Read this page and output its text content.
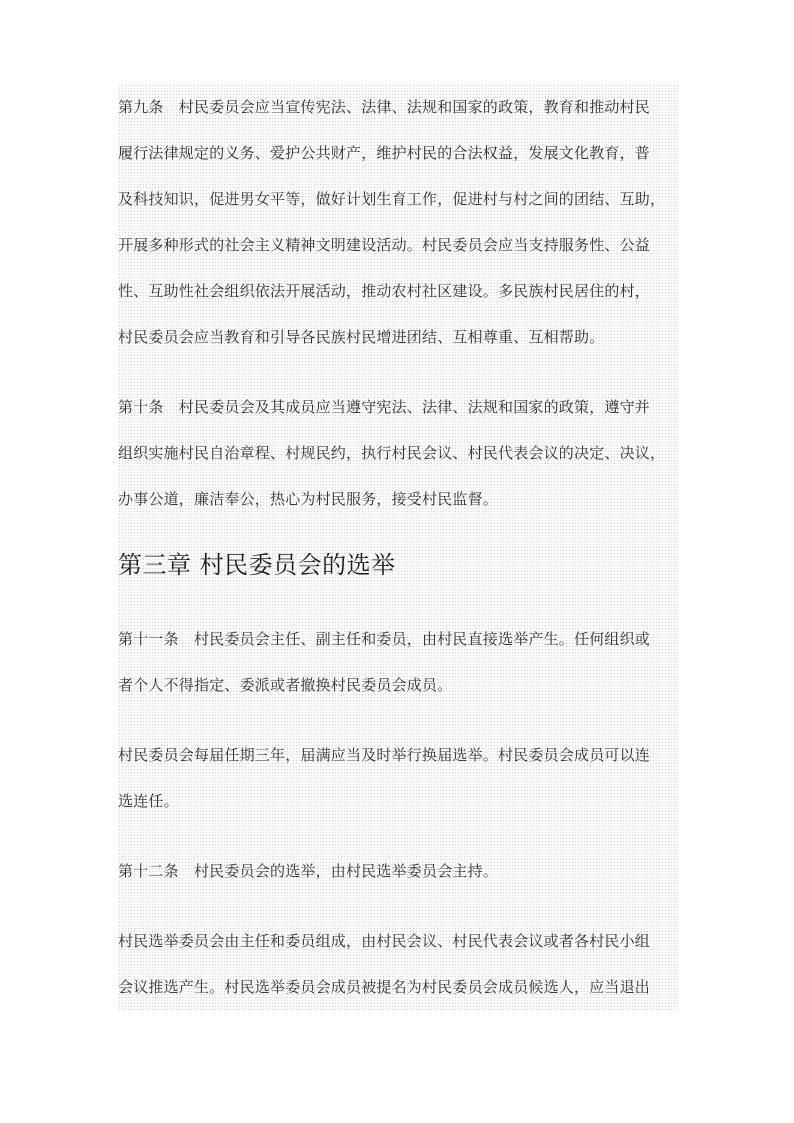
第九条　村民委员会应当宣传宪法、法律、法规和国家的政策，教育和推动村民
履行法律规定的义务、爱护公共财产，维护村民的合法权益，发展文化教育，普
及科技知识，促进男女平等，做好计划生育工作，促进村与村之间的团结、互助，
开展多种形式的社会主义精神文明建设活动。村民委员会应当支持服务性、公益
性、互助性社会组织依法开展活动，推动农村社区建设。多民族村民居住的村，
村民委员会应当教育和引导各民族村民增进团结、互相尊重、互相帮助。
第十条　村民委员会及其成员应当遵守宪法、法律、法规和国家的政策，遵守并
组织实施村民自治章程、村规民约，执行村民会议、村民代表会议的决定、决议，
办事公道，廉洁奉公，热心为村民服务，接受村民监督。
第三章 村民委员会的选举
第十一条　村民委员会主任、副主任和委员，由村民直接选举产生。任何组织或
者个人不得指定、委派或者撤换村民委员会成员。
村民委员会每届任期三年，届满应当及时举行换届选举。村民委员会成员可以连
选连任。
第十二条　村民委员会的选举，由村民选举委员会主持。
村民选举委员会由主任和委员组成，由村民会议、村民代表会议或者各村民小组
会议推选产生。村民选举委员会成员被提名为村民委员会成员候选人，应当退出
